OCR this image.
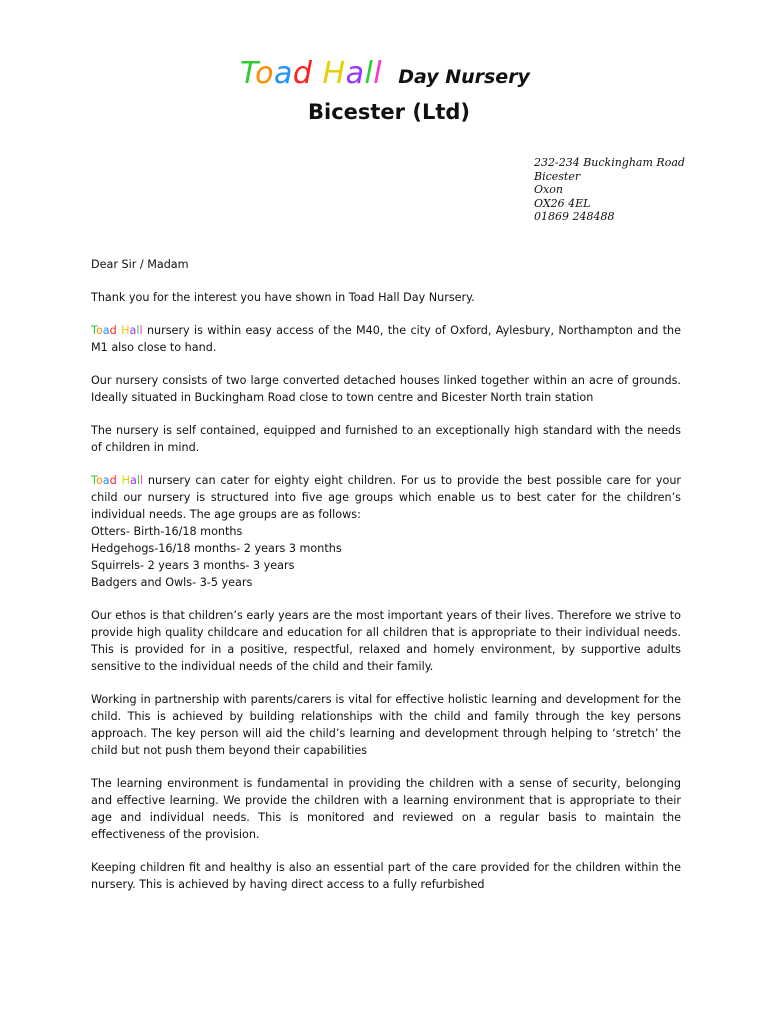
Toad Hall Day Nursery
Bicester (Ltd)
232-234 Buckingham Road
Bicester
Oxon
OX26 4EL
01869 248488

Dear Sir / Madam

Thank you for the interest you have shown in Toad Hall Day Nursery.

Toad Hall nursery is within easy access of the M40, the city of Oxford, Aylesbury, Northampton and the M1 also close to hand.

Our nursery consists of two large converted detached houses linked together within an acre of grounds. Ideally situated in Buckingham Road close to town centre and Bicester North train station

The nursery is self contained, equipped and furnished to an exceptionally high standard with the needs of children in mind.

Toad Hall nursery can cater for eighty eight children. For us to provide the best possible care for your child our nursery is structured into five age groups which enable us to best cater for the children’s individual needs. The age groups are as follows:
Otters- Birth-16/18 months
Hedgehogs-16/18 months- 2 years 3 months
Squirrels- 2 years 3 months- 3 years
Badgers and Owls- 3-5 years

Our ethos is that children’s early years are the most important years of their lives. Therefore we strive to provide high quality childcare and education for all children that is appropriate to their individual needs. This is provided for in a positive, respectful, relaxed and homely environment, by supportive adults sensitive to the individual needs of the child and their family.

Working in partnership with parents/carers is vital for effective holistic learning and development for the child. This is achieved by building relationships with the child and family through the key persons approach. The key person will aid the child’s learning and development through helping to ‘stretch’ the child but not push them beyond their capabilities

The learning environment is fundamental in providing the children with a sense of security, belonging and effective learning. We provide the children with a learning environment that is appropriate to their age and individual needs. This is monitored and reviewed on a regular basis to maintain the effectiveness of the provision.

Keeping children fit and healthy is also an essential part of the care provided for the children within the nursery. This is achieved by having direct access to a fully refurbished
